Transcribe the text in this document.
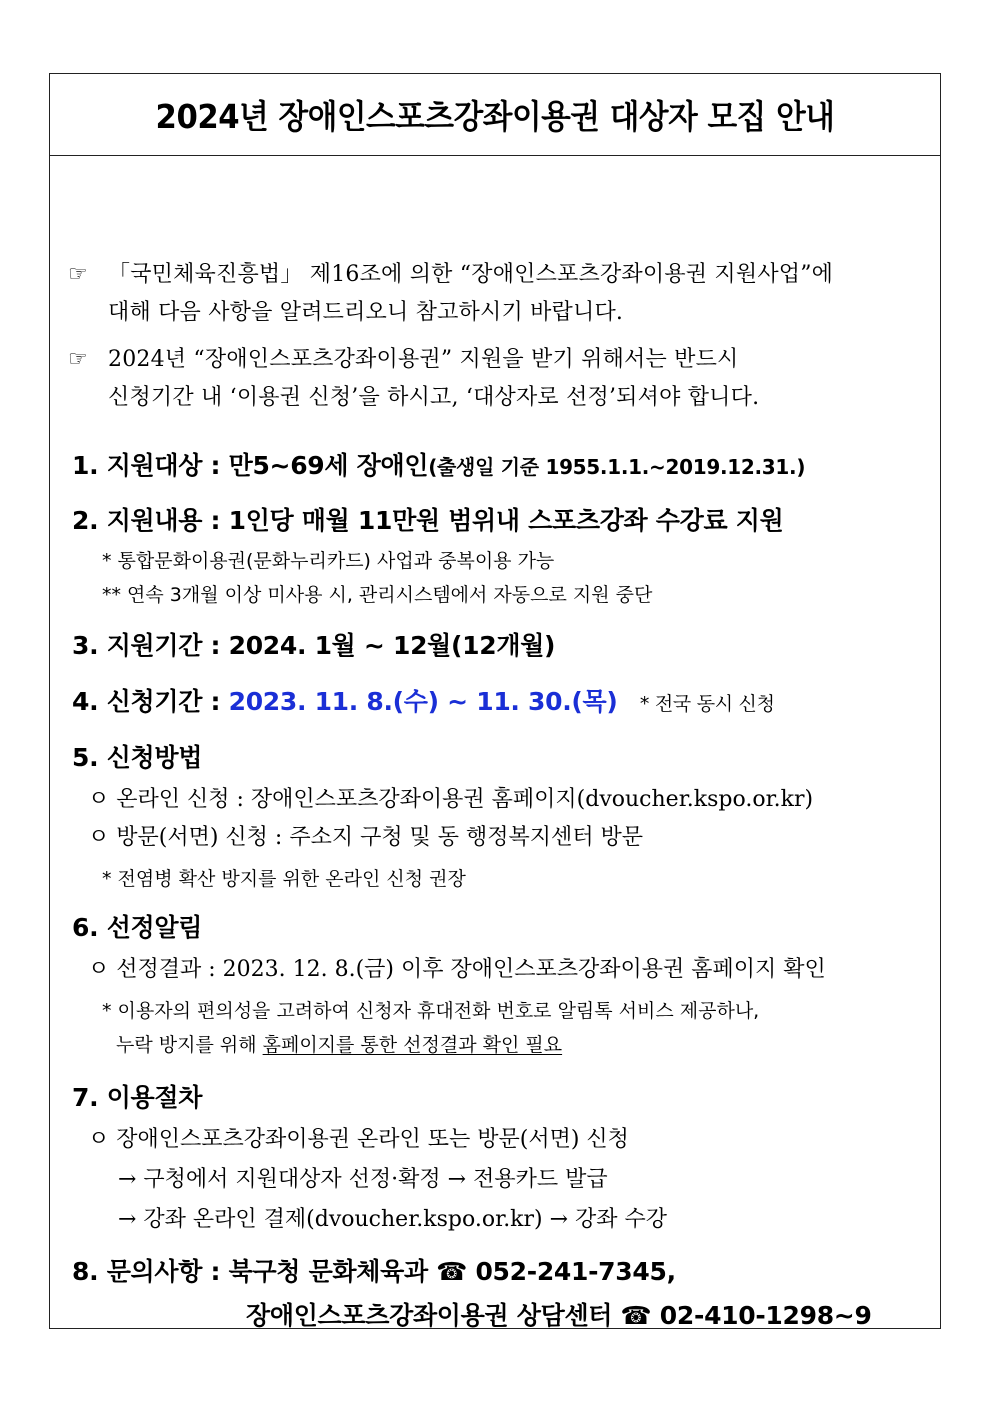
2024년 장애인스포츠강좌이용권 대상자 모집 안내
☞ 「국민체육진흥법」 제16조에 의한 “장애인스포츠강좌이용권 지원사업”에
대해 다음 사항을 알려드리오니 참고하시기 바랍니다.
☞ 2024년 “장애인스포츠강좌이용권” 지원을 받기 위해서는 반드시
신청기간 내 ‘이용권 신청’을 하시고, ‘대상자로 선정’되셔야 합니다.
1. 지원대상 : 만5~69세 장애인(출생일 기준 1955.1.1.~2019.12.31.)
2. 지원내용 : 1인당 매월 11만원 범위내 스포츠강좌 수강료 지원
* 통합문화이용권(문화누리카드) 사업과 중복이용 가능
** 연속 3개월 이상 미사용 시, 관리시스템에서 자동으로 지원 중단
3. 지원기간 : 2024. 1월 ~ 12월(12개월)
4. 신청기간 : 2023. 11. 8.(수) ~ 11. 30.(목) * 전국 동시 신청
5. 신청방법
ㅇ 온라인 신청 : 장애인스포츠강좌이용권 홈페이지(dvoucher.kspo.or.kr)
ㅇ 방문(서면) 신청 : 주소지 구청 및 동 행정복지센터 방문
* 전염병 확산 방지를 위한 온라인 신청 권장
6. 선정알림
ㅇ 선정결과 : 2023. 12. 8.(금) 이후 장애인스포츠강좌이용권 홈페이지 확인
* 이용자의 편의성을 고려하여 신청자 휴대전화 번호로 알림톡 서비스 제공하나,
누락 방지를 위해 홈페이지를 통한 선정결과 확인 필요
7. 이용절차
ㅇ 장애인스포츠강좌이용권 온라인 또는 방문(서면) 신청
→ 구청에서 지원대상자 선정·확정 → 전용카드 발급
→ 강좌 온라인 결제(dvoucher.kspo.or.kr) → 강좌 수강
8. 문의사항 : 북구청 문화체육과 ☎ 052-241-7345,
장애인스포츠강좌이용권 상담센터 ☎ 02-410-1298~9
